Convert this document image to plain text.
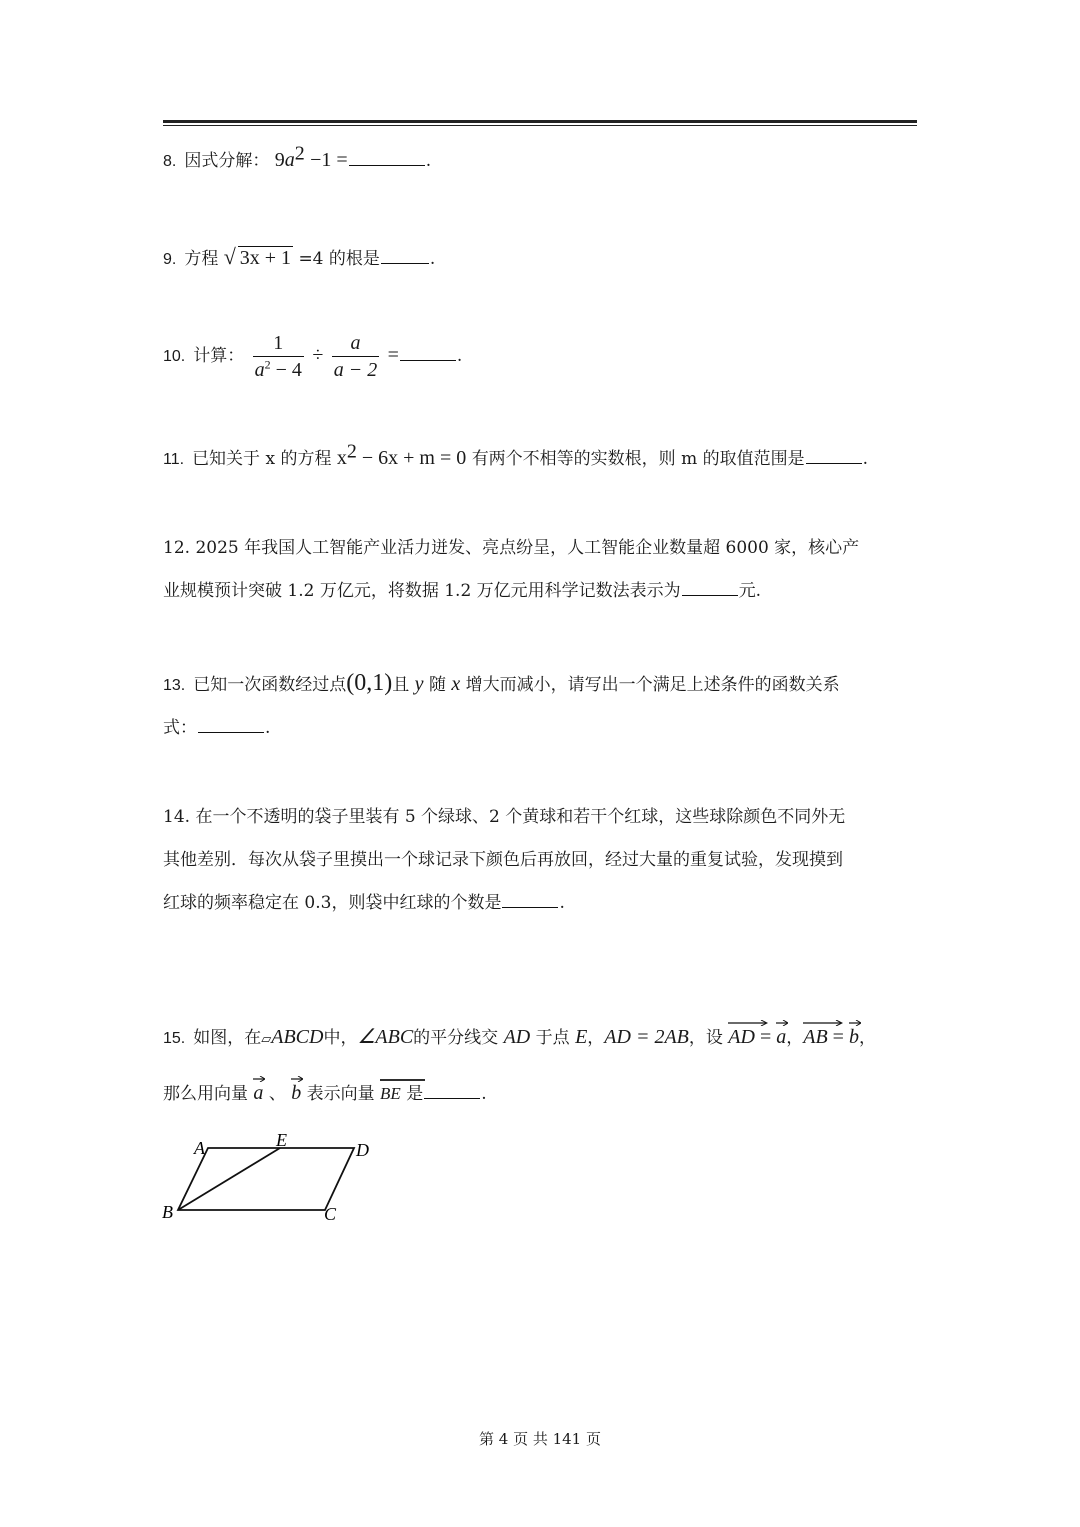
8. 因式分解： $9a^2 -1$ =	.
9. 方程 √ 3x + 1 =4 的根是	.
10. 计算： $\frac{1}{a^2 - 4} \div \frac{a}{a - 2}$ =	.
11. 已知关于 x 的方程 $x^2 - 6x + m = 0$ 有两个不相等的实数根，则 m 的取值范围是	.
12. 2025 年我国人工智能产业活力迸发、亮点纷呈，人工智能企业数量超 6000 家，核心产
业规模预计突破 1.2 万亿元，将数据 1.2 万亿元用科学记数法表示为	元.
13. 已知一次函数经过点(0,1)且 y 随 x 增大而减小，请写出一个满足上述条件的函数关系
式：	.
14. 在一个不透明的袋子里装有 5 个绿球、2 个黄球和若干个红球，这些球除颜色不同外无
其他差别．每次从袋子里摸出一个球记录下颜色后再放回，经过大量的重复试验，发现摸到
红球的频率稳定在 0.3，则袋中红球的个数是	.
15. 如图，在▱ABCD中，∠ABC的平分线交 AD 于点 E，AD = 2AB，设 AD =
a，
AB =
b，
那么用向量 a 、 b 表示向量 BE 是	.
A	E	D
B	C
第 4 页 共 141 页
